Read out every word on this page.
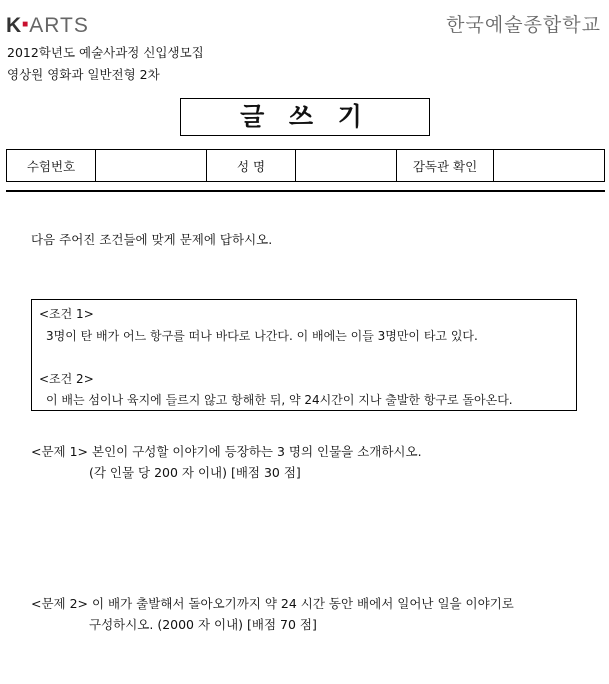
K■ARTS	한국예술종합학교
2012학년도 예술사과정 신입생모집
영상원 영화과 일반전형 2차
글 쓰 기
수험번호		성 명		감독관 확인	
다음 주어진 조건들에 맞게 문제에 답하시오.
<조건 1>
3명이 탄 배가 어느 항구를 떠나 바다로 나간다. 이 배에는 이들 3명만이 타고 있다.
<조건 2>
이 배는 섬이나 육지에 들르지 않고 항해한 뒤, 약 24시간이 지나 출발한 항구로 돌아온다.
<문제 1> 본인이 구성할 이야기에 등장하는 3 명의 인물을 소개하시오.
(각 인물 당 200 자 이내) [배점 30 점]
<문제 2> 이 배가 출발해서 돌아오기까지 약 24 시간 동안 배에서 일어난 일을 이야기로
구성하시오. (2000 자 이내) [배점 70 점]
